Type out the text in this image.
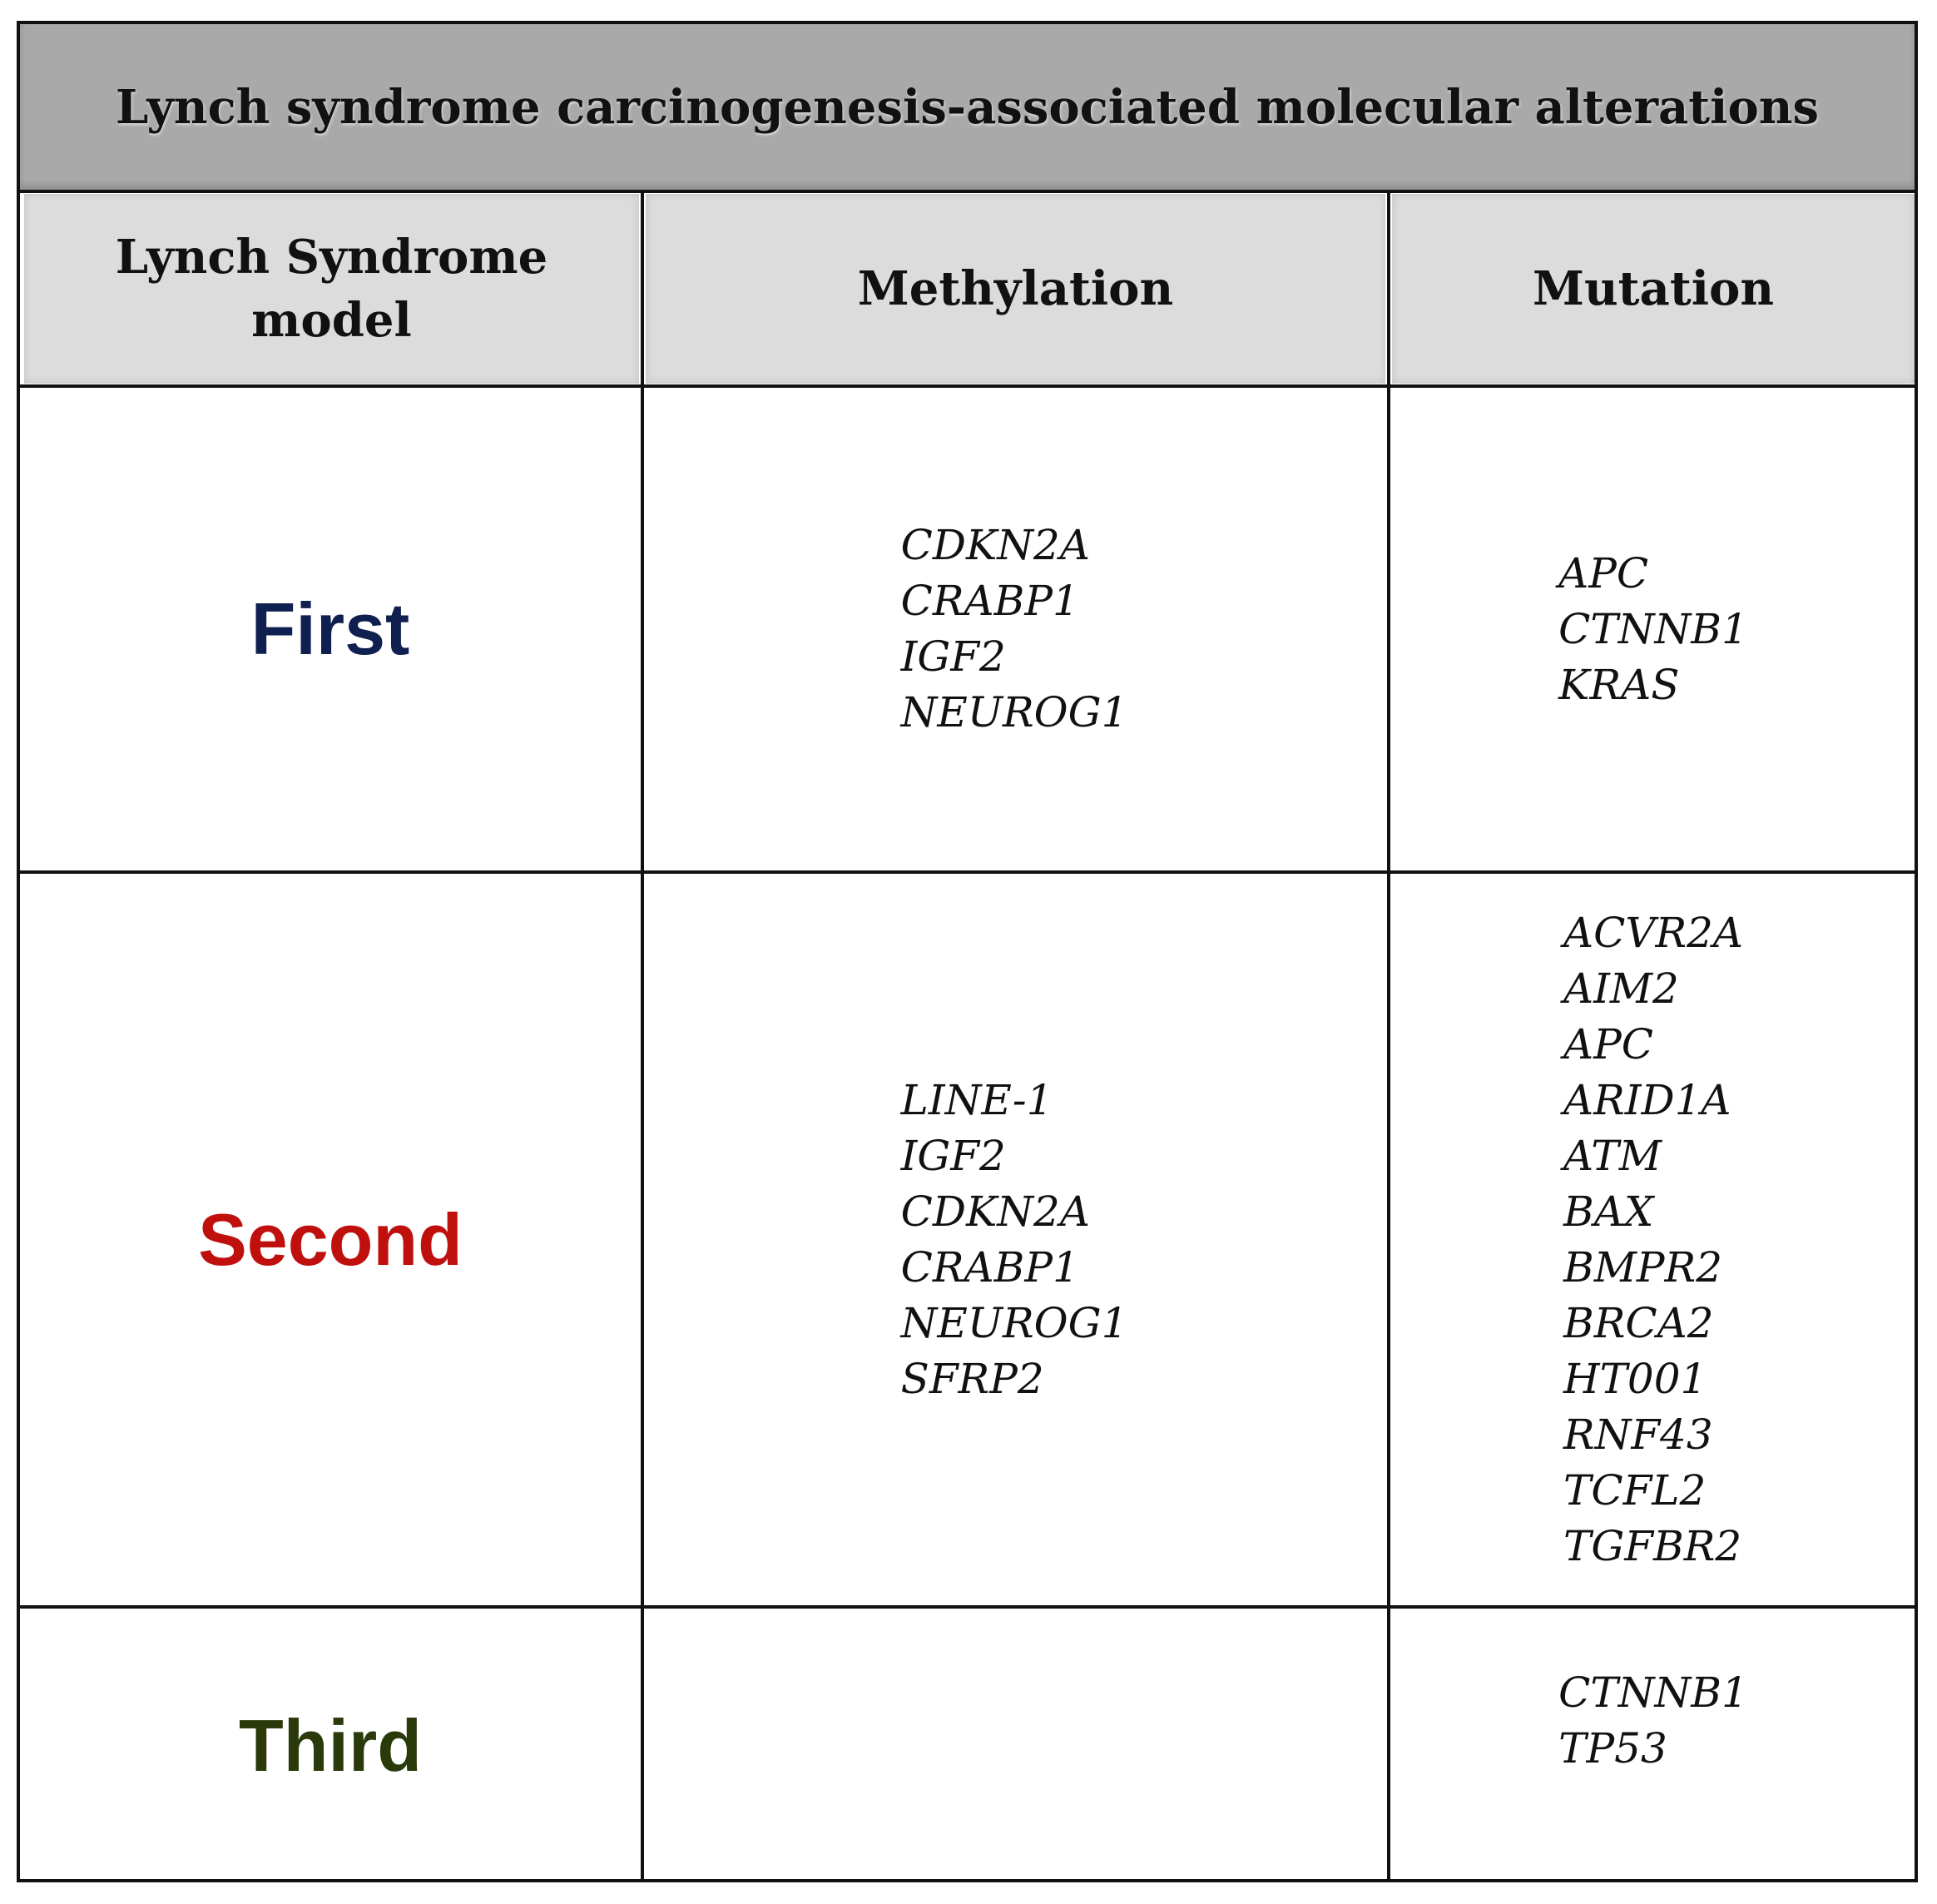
Lynch syndrome carcinogenesis-associated molecular alterations
Lynch Syndrome
model
Methylation	Mutation
First
CDKN2A
CRABP1
IGF2
NEUROG1
APC
CTNNB1
KRAS
Second
LINE-1
IGF2
CDKN2A
CRABP1
NEUROG1
SFRP2
ACVR2A
AIM2
APC
ARID1A
ATM
BAX
BMPR2
BRCA2
HT001
RNF43
TCFL2
TGFBR2
Third
CTNNB1
TP53
